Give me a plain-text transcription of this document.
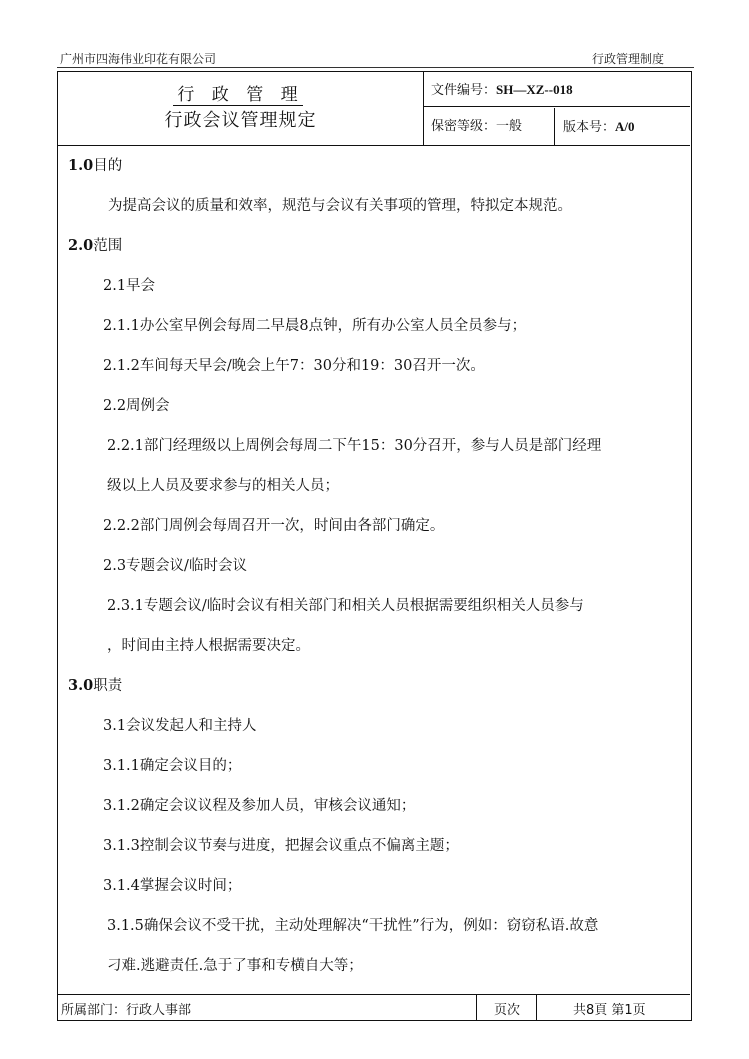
广州市四海伟业印花有限公司	行政管理制度
行 政 管 理
行政会议管理规定
文件编号：SH—XZ--018
保密等级：一般	版本号：A/0
1.0目的
为提高会议的质量和效率，规范与会议有关事项的管理，特拟定本规范。
2.0范围
2.1早会
2.1.1办公室早例会每周二早晨8点钟，所有办公室人员全员参与；
2.1.2车间每天早会/晚会上午7：30分和19：30召开一次。
2.2周例会
2.2.1部门经理级以上周例会每周二下午15：30分召开，参与人员是部门经理
级以上人员及要求参与的相关人员；
2.2.2部门周例会每周召开一次，时间由各部门确定。
2.3专题会议/临时会议
2.3.1专题会议/临时会议有相关部门和相关人员根据需要组织相关人员参与
，时间由主持人根据需要决定。
3.0职责
3.1会议发起人和主持人
3.1.1确定会议目的；
3.1.2确定会议议程及参加人员，审核会议通知；
3.1.3控制会议节奏与进度，把握会议重点不偏离主题；
3.1.4掌握会议时间；
3.1.5确保会议不受干扰，主动处理解决“干扰性”行为，例如：窃窃私语.故意
刁难.逃避责任.急于了事和专横自大等；
所属部门：行政人事部	页次	共8頁 第1页
